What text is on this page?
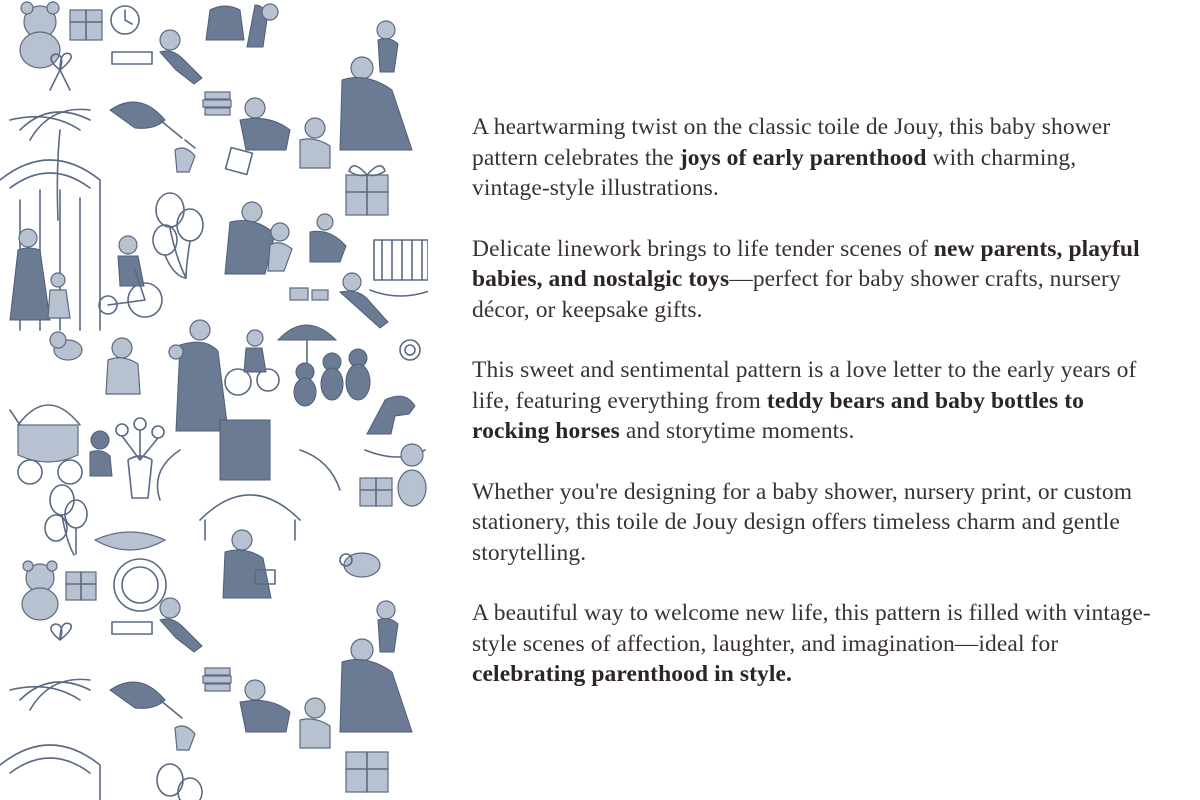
A heartwarming twist on the classic toile de Jouy, this baby shower pattern celebrates the joys of early parenthood with charming, vintage-style illustrations.

Delicate linework brings to life tender scenes of new parents, playful babies, and nostalgic toys—perfect for baby shower crafts, nursery décor, or keepsake gifts.

This sweet and sentimental pattern is a love letter to the early years of life, featuring everything from teddy bears and baby bottles to rocking horses and storytime moments.

Whether you're designing for a baby shower, nursery print, or custom stationery, this toile de Jouy design offers timeless charm and gentle storytelling.

A beautiful way to welcome new life, this pattern is filled with vintage-style scenes of affection, laughter, and imagination—ideal for celebrating parenthood in style.
